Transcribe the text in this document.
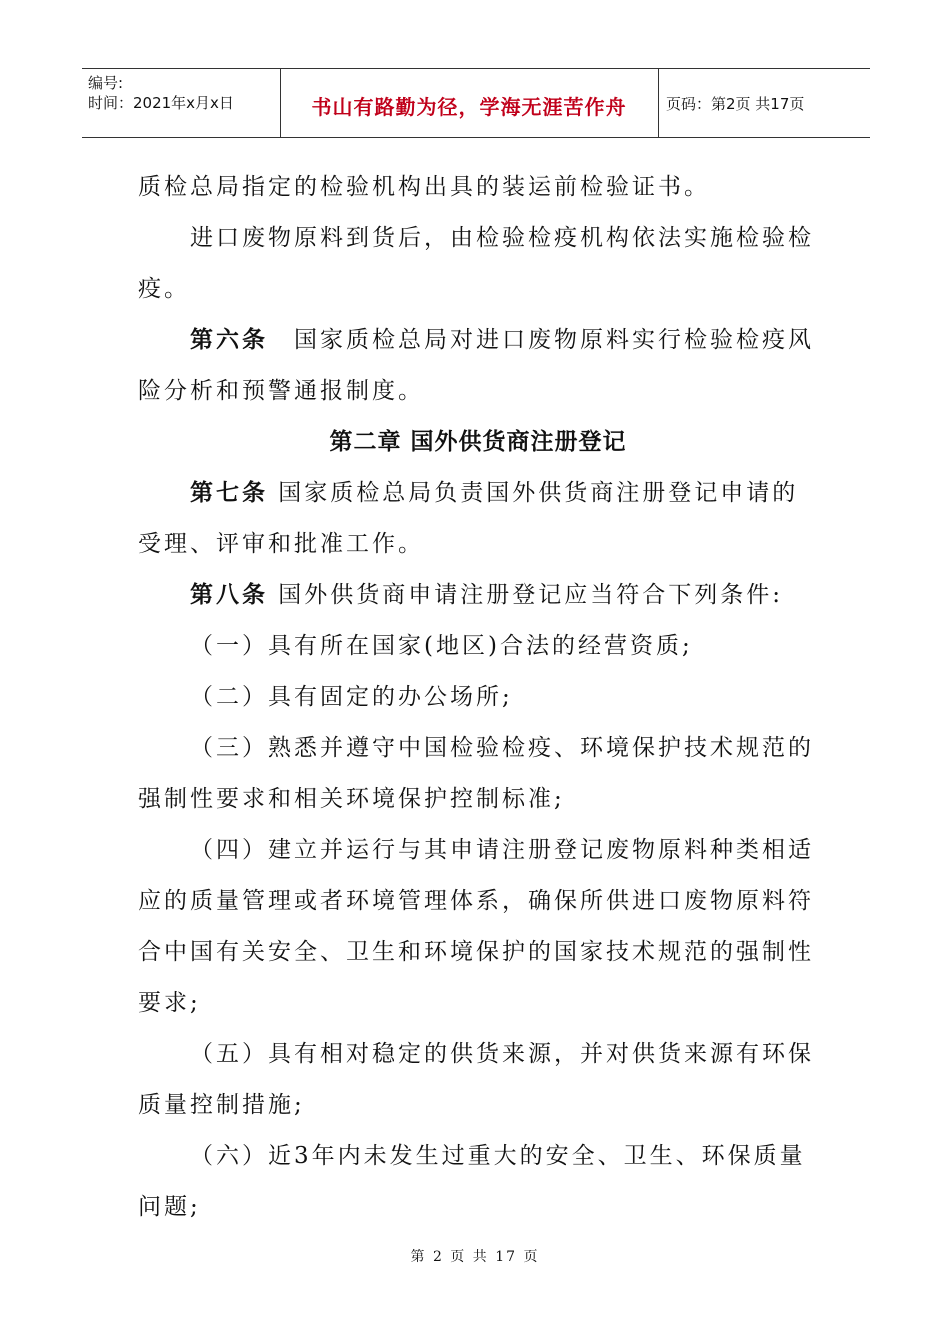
编号:
时间：2021年x月x日	书山有路勤为径，学海无涯苦作舟	页码：第2页 共17页

质检总局指定的检验机构出具的装运前检验证书。

进口废物原料到货后，由检验检疫机构依法实施检验检疫。

第六条　国家质检总局对进口废物原料实行检验检疫风险分析和预警通报制度。

第二章 国外供货商注册登记

第七条 国家质检总局负责国外供货商注册登记申请的受理、评审和批准工作。

第八条 国外供货商申请注册登记应当符合下列条件:

（一）具有所在国家(地区)合法的经营资质;

（二）具有固定的办公场所;

（三）熟悉并遵守中国检验检疫、环境保护技术规范的强制性要求和相关环境保护控制标准;

（四）建立并运行与其申请注册登记废物原料种类相适应的质量管理或者环境管理体系，确保所供进口废物原料符合中国有关安全、卫生和环境保护的国家技术规范的强制性要求;

（五）具有相对稳定的供货来源，并对供货来源有环保质量控制措施;

（六）近3年内未发生过重大的安全、卫生、环保质量问题;

第 2 页 共 17 页
